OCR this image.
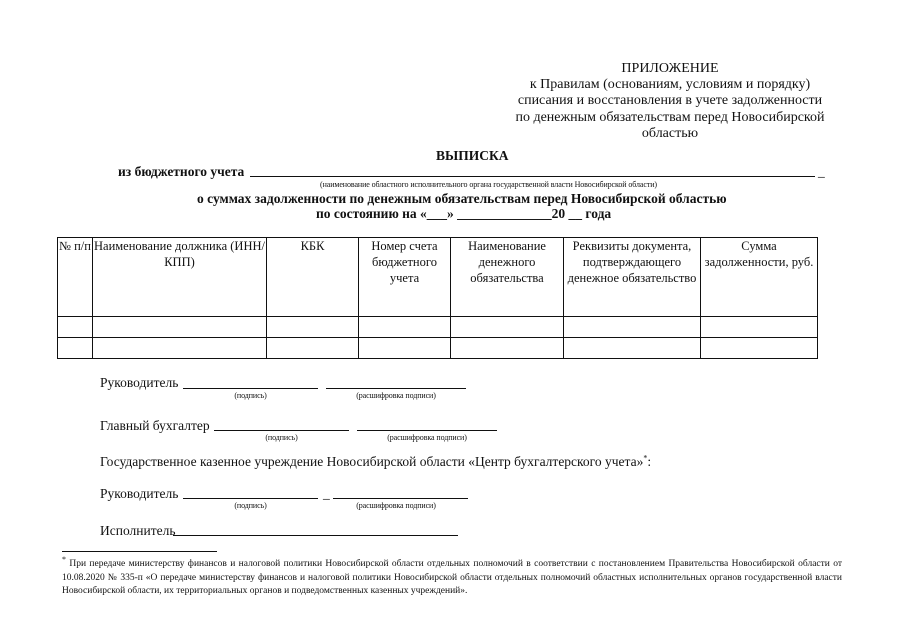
ПРИЛОЖЕНИЕ
к Правилам (основаниям, условиям и порядку)
списания и восстановления в учете задолженности
по денежным обязательствам перед Новосибирской
областью
ВЫПИСКА
из бюджетного учета	_
(наименование областного исполнительного органа государственной власти Новосибирской области)
о суммах задолженности по денежным обязательствам перед Новосибирской областью
по состоянию на «___» ______________20 __ года
№ п/п	Наименование должника (ИНН/КПП)	КБК	Номер счета бюджетного учета	Наименование денежного обязательства	Реквизиты документа, подтверждающего денежное обязательство	Сумма задолженности, руб.

Руководитель
(подпись)	(расшифровка подписи)
Главный бухгалтер
(подпись)	(расшифровка подписи)
Государственное казенное учреждение Новосибирской области «Центр бухгалтерского учета»*:
Руководитель	_
(подпись)	(расшифровка подписи)
Исполнитель
* При передаче министерству финансов и налоговой политики Новосибирской области отдельных полномочий в соответствии с постановлением Правительства Новосибирской области от 10.08.2020 № 335-п «О передаче министерству финансов и налоговой политики Новосибирской области отдельных полномочий областных исполнительных органов государственной власти Новосибирской области, их территориальных органов и подведомственных казенных учреждений».
